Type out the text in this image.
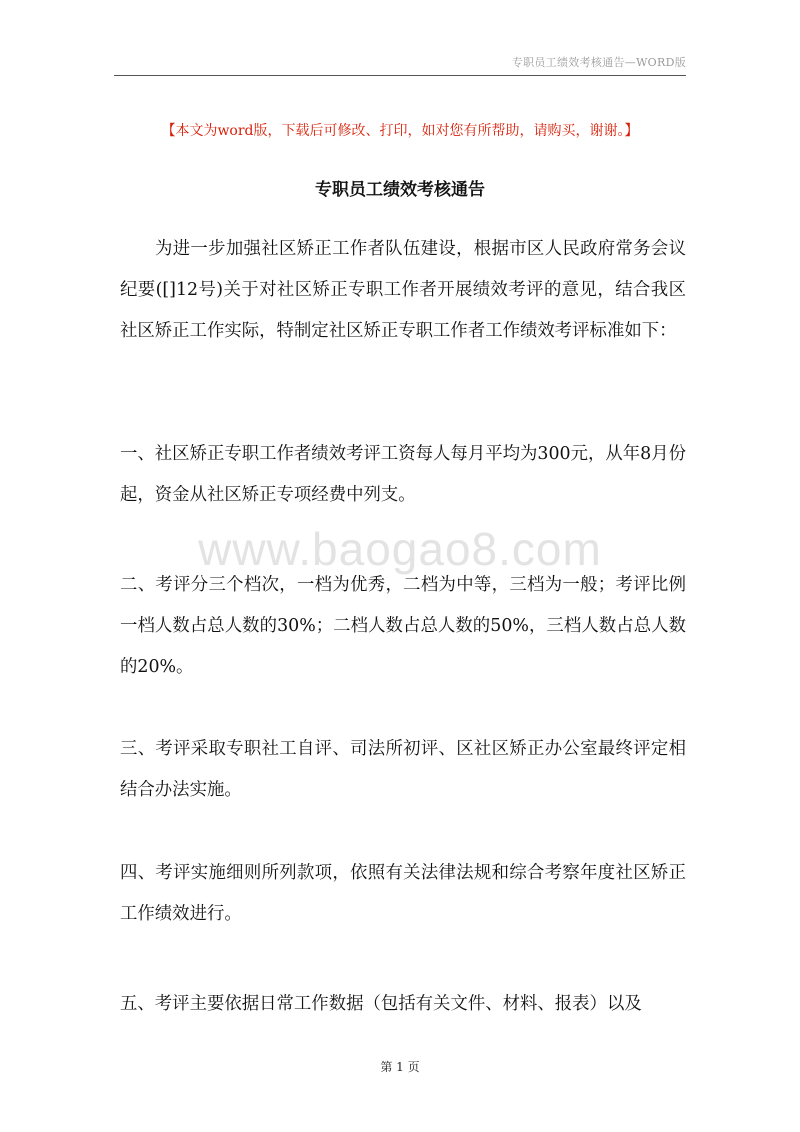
专职员工绩效考核通告—WORD版
【本文为word版，下载后可修改、打印，如对您有所帮助，请购买，谢谢。】
专职员工绩效考核通告
为进一步加强社区矫正工作者队伍建设，根据市区人民政府常务会议纪要([]12号)关于对社区矫正专职工作者开展绩效考评的意见，结合我区社区矫正工作实际，特制定社区矫正专职工作者工作绩效考评标准如下：
一、社区矫正专职工作者绩效考评工资每人每月平均为300元，从年8月份起，资金从社区矫正专项经费中列支。
二、考评分三个档次，一档为优秀，二档为中等，三档为一般；考评比例一档人数占总人数的30%；二档人数占总人数的50%，三档人数占总人数的20%。
三、考评采取专职社工自评、司法所初评、区社区矫正办公室最终评定相结合办法实施。
四、考评实施细则所列款项，依照有关法律法规和综合考察年度社区矫正工作绩效进行。
五、考评主要依据日常工作数据（包括有关文件、材料、报表）以及
www.baogao8.com
第 1 页
